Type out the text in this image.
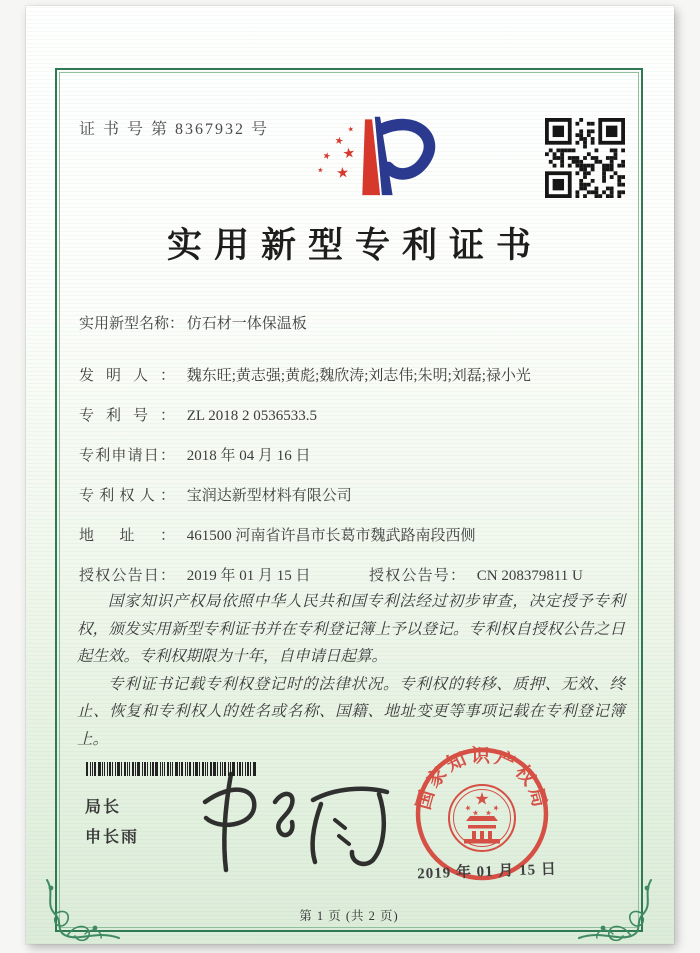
证 书 号 第 8367932 号
实用新型专利证书
实用新型名称： 仿石材一体保温板
发明人： 魏东旺;黄志强;黄彪;魏欣涛;刘志伟;朱明;刘磊;禄小光
专利号： ZL 2018 2 0536533.5
专利申请日： 2018 年 04 月 16 日
专利权人： 宝润达新型材料有限公司
地址： 461500 河南省许昌市长葛市魏武路南段西侧
授权公告日： 2019 年 01 月 15 日	授权公告号： CN 208379811 U

国家知识产权局依照中华人民共和国专利法经过初步审查，决定授予专利权，颁发实用新型专利证书并在专利登记簿上予以登记。专利权自授权公告之日起生效。专利权期限为十年，自申请日起算。

专利证书记载专利权登记时的法律状况。专利权的转移、质押、无效、终止、恢复和专利权人的姓名或名称、国籍、地址变更等事项记载在专利登记簿上。

局长
申长雨
国家知识产权局
2019 年 01 月 15 日
第 1 页 (共 2 页)
